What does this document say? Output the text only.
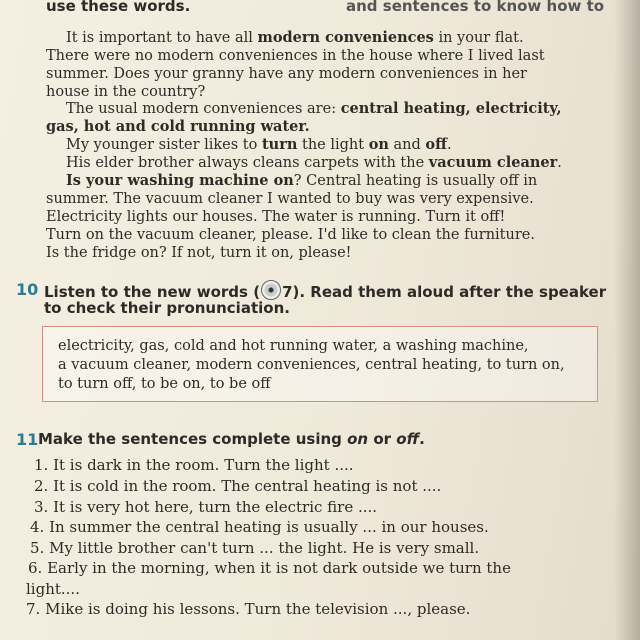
use these words.	and sentences to know how to
It is important to have all modern conveniences in your flat.
There were no modern conveniences in the house where I lived last
summer. Does your granny have any modern conveniences in her
house in the country?
The usual modern conveniences are: central heating, electricity,
gas, hot and cold running water.
My younger sister likes to turn the light on and off.
His elder brother always cleans carpets with the vacuum cleaner.
Is your washing machine on? Central heating is usually off in
summer. The vacuum cleaner I wanted to buy was very expensive.
Electricity lights our houses. The water is running. Turn it off!
Turn on the vacuum cleaner, please. I'd like to clean the furniture.
Is the fridge on? If not, turn it on, please!
10 Listen to the new words ( 7). Read them aloud after the speaker
to check their pronunciation.
electricity, gas, cold and hot running water, a washing machine,
a vacuum cleaner, modern conveniences, central heating, to turn on,
to turn off, to be on, to be off
11 Make the sentences complete using on or off.
1. It is dark in the room. Turn the light ....
2. It is cold in the room. The central heating is not ....
3. It is very hot here, turn the electric fire ....
4. In summer the central heating is usually ... in our houses.
5. My little brother can't turn ... the light. He is very small.
6. Early in the morning, when it is not dark outside we turn the
light....
7. Mike is doing his lessons. Turn the television ..., please.
